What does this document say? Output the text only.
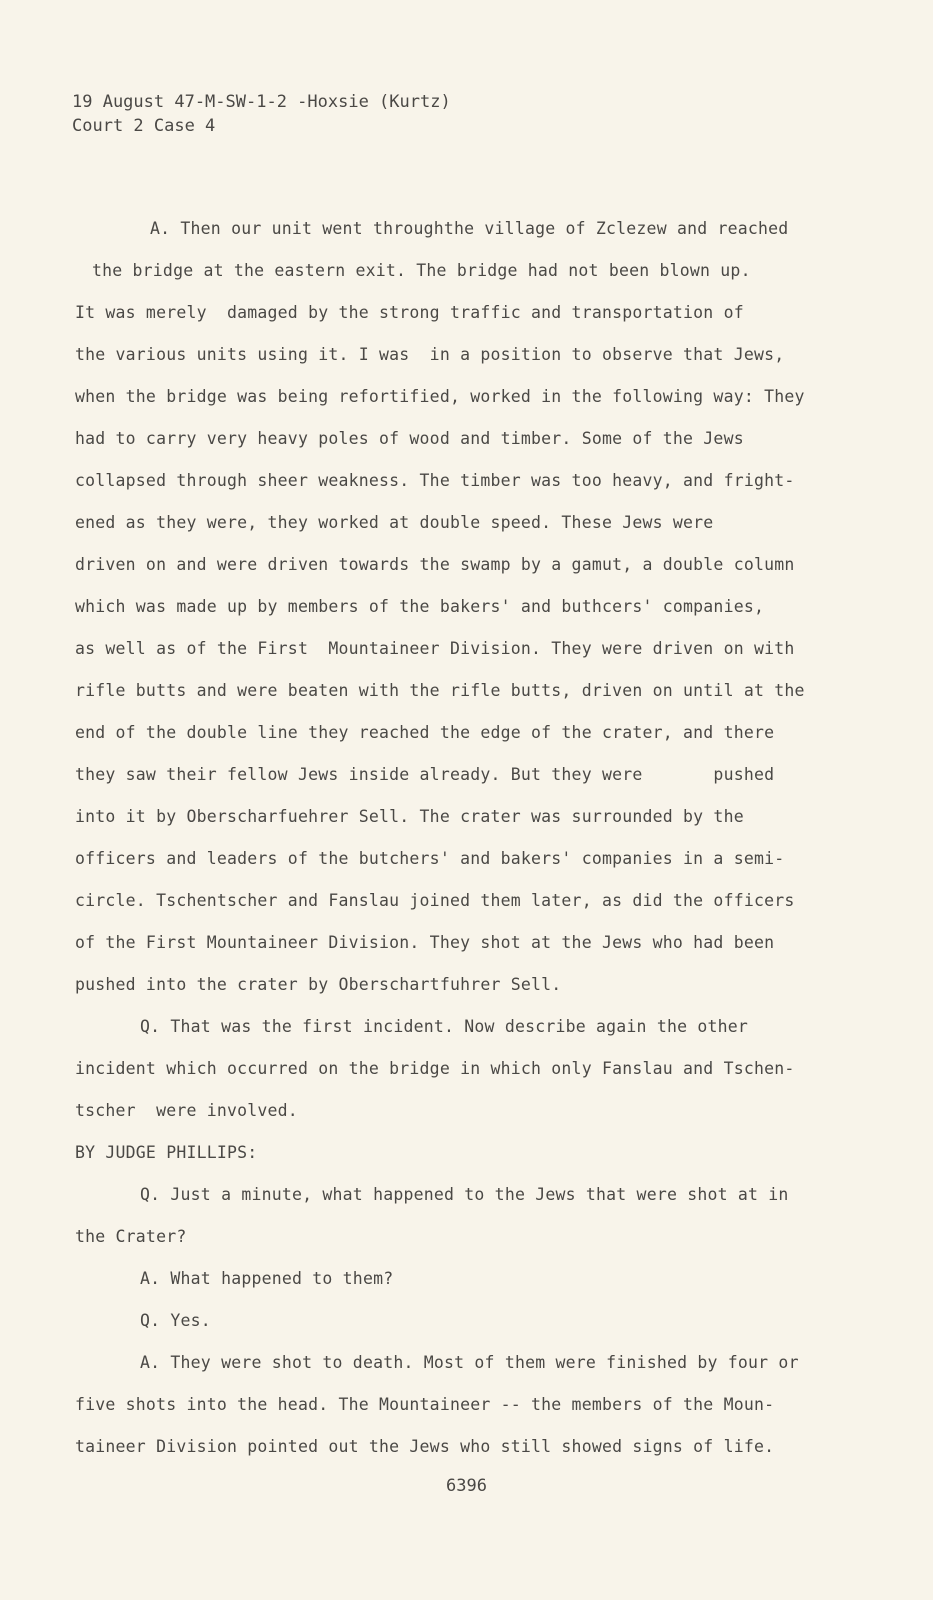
19 August 47-M-SW-1-2 -Hoxsie (Kurtz)
Court 2 Case 4
A. Then our unit went throughthe village of Zclezew and reached
the bridge at the eastern exit. The bridge had not been blown up.
It was merely  damaged by the strong traffic and transportation of
the various units using it. I was  in a position to observe that Jews,
when the bridge was being refortified, worked in the following way: They
had to carry very heavy poles of wood and timber. Some of the Jews
collapsed through sheer weakness. The timber was too heavy, and fright-
ened as they were, they worked at double speed. These Jews were
driven on and were driven towards the swamp by a gamut, a double column
which was made up by members of the bakers' and buthcers' companies,
as well as of the First  Mountaineer Division. They were driven on with
rifle butts and were beaten with the rifle butts, driven on until at the
end of the double line they reached the edge of the crater, and there
they saw their fellow Jews inside already. But they were       pushed
into it by Oberscharfuehrer Sell. The crater was surrounded by the
officers and leaders of the butchers' and bakers' companies in a semi-
circle. Tschentscher and Fanslau joined them later, as did the officers
of the First Mountaineer Division. They shot at the Jews who had been
pushed into the crater by Oberschartfuhrer Sell.
Q. That was the first incident. Now describe again the other
incident which occurred on the bridge in which only Fanslau and Tschen-
tscher  were involved.
BY JUDGE PHILLIPS:
Q. Just a minute, what happened to the Jews that were shot at in
the Crater?
A. What happened to them?
Q. Yes.
A. They were shot to death. Most of them were finished by four or
five shots into the head. The Mountaineer -- the members of the Moun-
taineer Division pointed out the Jews who still showed signs of life.
6396
